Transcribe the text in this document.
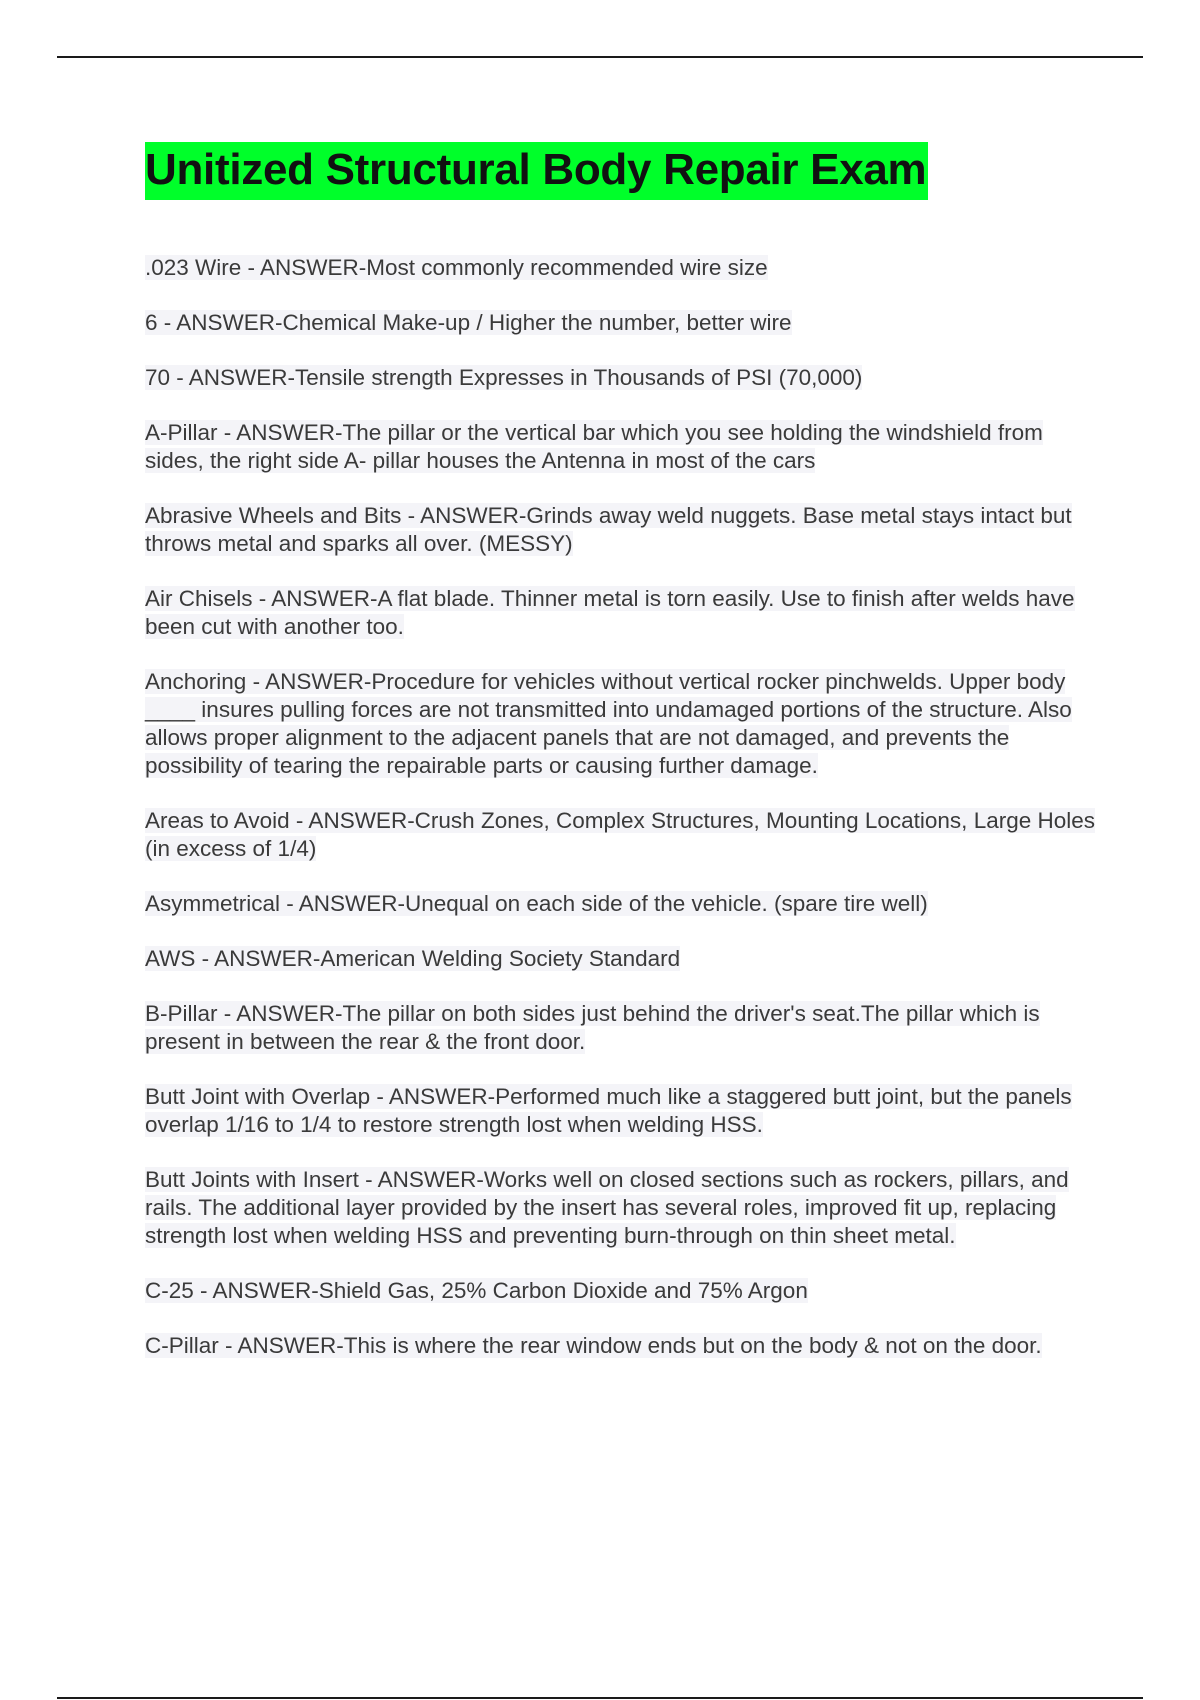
Unitized Structural Body Repair Exam

.023 Wire - ANSWER-Most commonly recommended wire size

6 - ANSWER-Chemical Make-up / Higher the number, better wire

70 - ANSWER-Tensile strength Expresses in Thousands of PSI (70,000)

A-Pillar - ANSWER-The pillar or the vertical bar which you see holding the windshield from sides, the right side A- pillar houses the Antenna in most of the cars

Abrasive Wheels and Bits - ANSWER-Grinds away weld nuggets. Base metal stays intact but throws metal and sparks all over. (MESSY)

Air Chisels - ANSWER-A flat blade. Thinner metal is torn easily. Use to finish after welds have been cut with another too.

Anchoring - ANSWER-Procedure for vehicles without vertical rocker pinchwelds. Upper body ____ insures pulling forces are not transmitted into undamaged portions of the structure. Also allows proper alignment to the adjacent panels that are not damaged, and prevents the possibility of tearing the repairable parts or causing further damage.

Areas to Avoid - ANSWER-Crush Zones, Complex Structures, Mounting Locations, Large Holes (in excess of 1/4)

Asymmetrical - ANSWER-Unequal on each side of the vehicle. (spare tire well)

AWS - ANSWER-American Welding Society Standard

B-Pillar - ANSWER-The pillar on both sides just behind the driver's seat.The pillar which is present in between the rear & the front door.

Butt Joint with Overlap - ANSWER-Performed much like a staggered butt joint, but the panels overlap 1/16 to 1/4 to restore strength lost when welding HSS.

Butt Joints with Insert - ANSWER-Works well on closed sections such as rockers, pillars, and rails. The additional layer provided by the insert has several roles, improved fit up, replacing strength lost when welding HSS and preventing burn-through on thin sheet metal.

C-25 - ANSWER-Shield Gas, 25% Carbon Dioxide and 75% Argon

C-Pillar - ANSWER-This is where the rear window ends but on the body & not on the door.
